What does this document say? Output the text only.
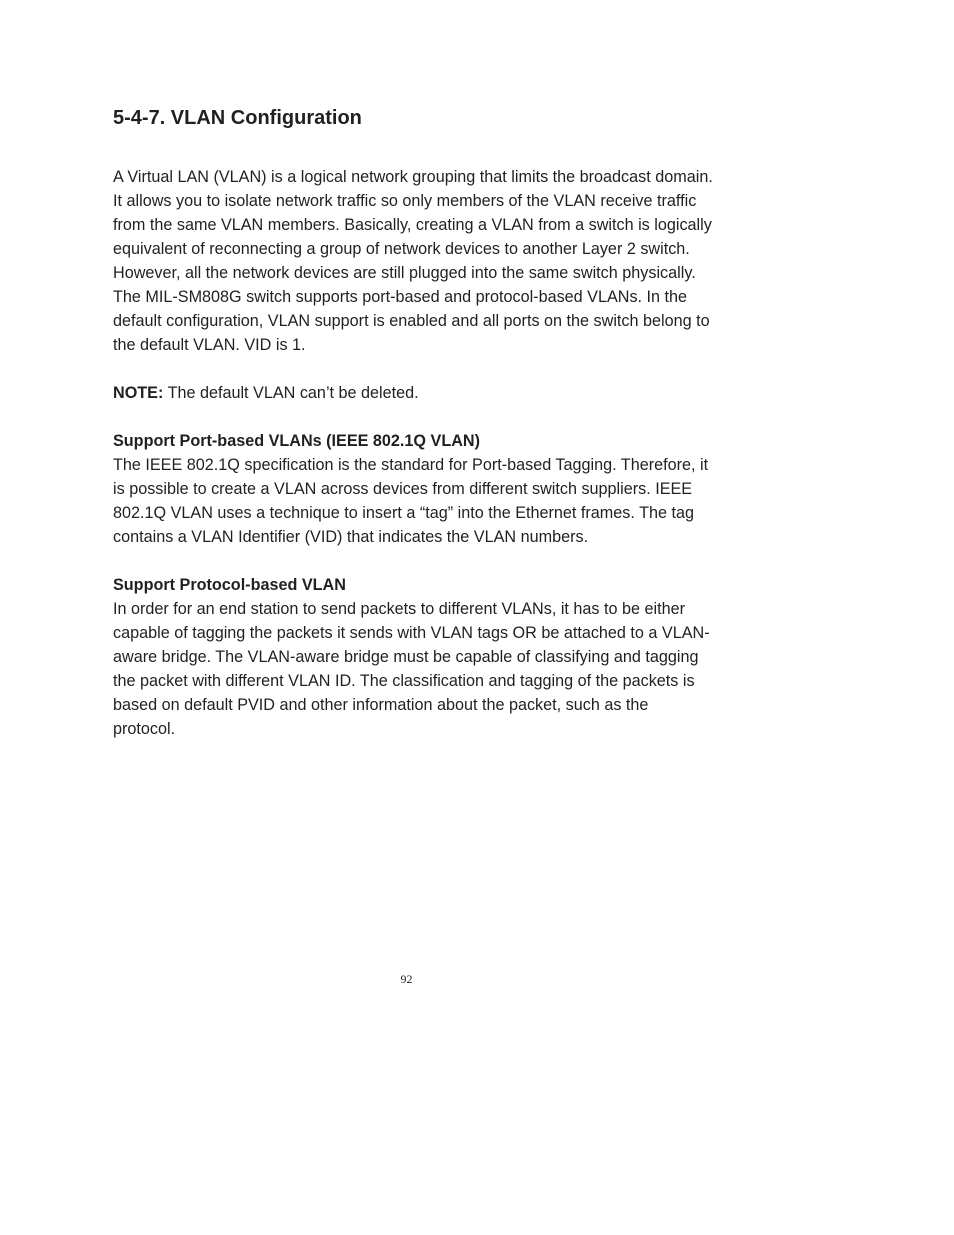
5-4-7. VLAN Configuration

A Virtual LAN (VLAN) is a logical network grouping that limits the broadcast domain. It allows you to isolate network traffic so only members of the VLAN receive traffic from the same VLAN members. Basically, creating a VLAN from a switch is logically equivalent of reconnecting a group of network devices to another Layer 2 switch. However, all the network devices are still plugged into the same switch physically.

The MIL-SM808G switch supports port-based and protocol-based VLANs. In the default configuration, VLAN support is enabled and all ports on the switch belong to the default VLAN. VID is 1.

NOTE: The default VLAN can’t be deleted.

Support Port-based VLANs (IEEE 802.1Q VLAN)

The IEEE 802.1Q specification is the standard for Port-based Tagging. Therefore, it is possible to create a VLAN across devices from different switch suppliers. IEEE 802.1Q VLAN uses a technique to insert a “tag” into the Ethernet frames. The tag contains a VLAN Identifier (VID) that indicates the VLAN numbers.

Support Protocol-based VLAN

In order for an end station to send packets to different VLANs, it has to be either capable of tagging the packets it sends with VLAN tags OR be attached to a VLAN-aware bridge. The VLAN-aware bridge must be capable of classifying and tagging the packet with different VLAN ID. The classification and tagging of the packets is based on default PVID and other information about the packet, such as the protocol.

92
